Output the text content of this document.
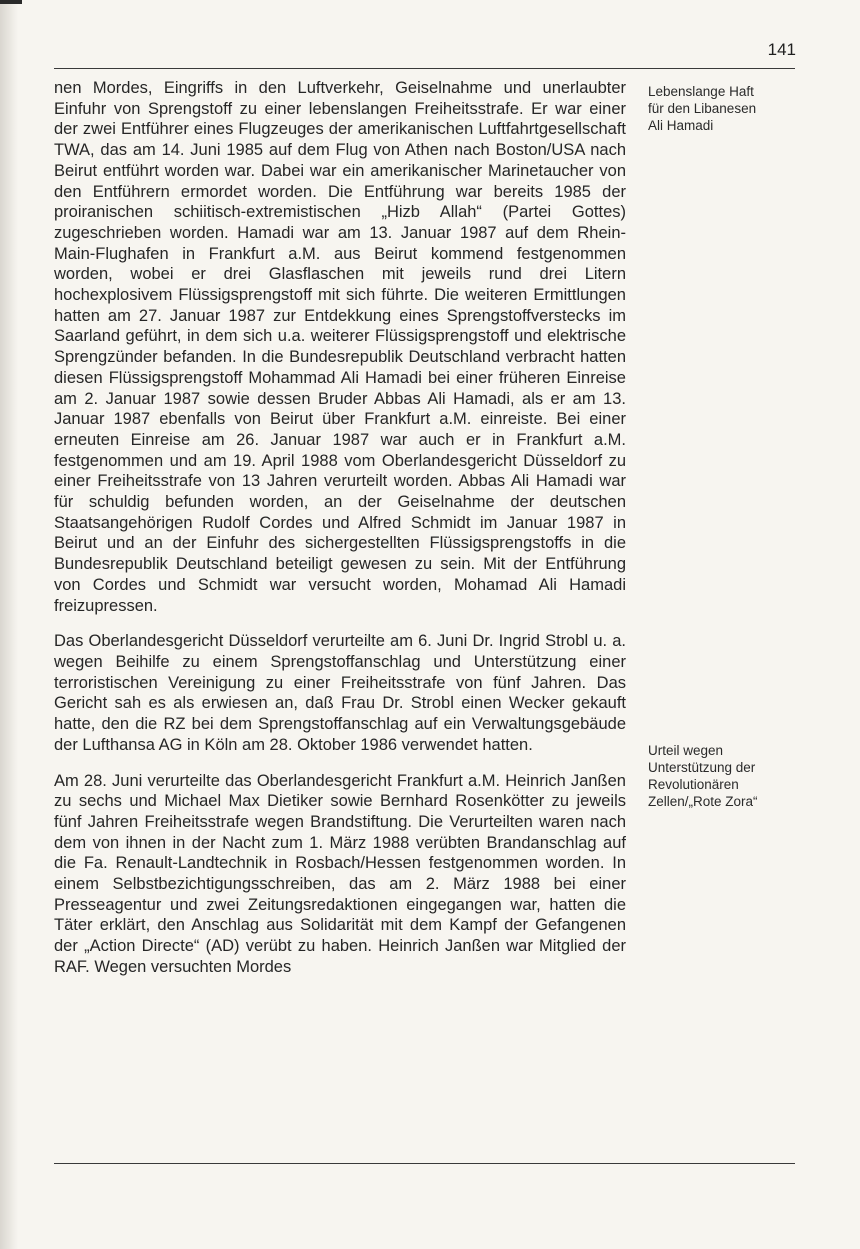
141

nen Mordes, Eingriffs in den Luftverkehr, Geiselnahme und unerlaubter Einfuhr von Sprengstoff zu einer lebenslangen Freiheitsstrafe. Er war einer der zwei Entführer eines Flugzeuges der amerikanischen Luftfahrtgesellschaft TWA, das am 14. Juni 1985 auf dem Flug von Athen nach Boston/USA nach Beirut entführt worden war. Dabei war ein amerikanischer Marinetaucher von den Entführern ermordet worden. Die Entführung war bereits 1985 der proiranischen schiitisch-extremistischen „Hizb Allah“ (Partei Gottes) zugeschrieben worden. Hamadi war am 13. Januar 1987 auf dem Rhein-Main-Flughafen in Frankfurt a.M. aus Beirut kommend festgenommen worden, wobei er drei Glasflaschen mit jeweils rund drei Litern hochexplosivem Flüssigsprengstoff mit sich führte. Die weiteren Ermittlungen hatten am 27. Januar 1987 zur Entdekkung eines Sprengstoffverstecks im Saarland geführt, in dem sich u.a. weiterer Flüssigsprengstoff und elektrische Sprengzünder befanden. In die Bundesrepublik Deutschland verbracht hatten diesen Flüssigsprengstoff Mohammad Ali Hamadi bei einer früheren Einreise am 2. Januar 1987 sowie dessen Bruder Abbas Ali Hamadi, als er am 13. Januar 1987 ebenfalls von Beirut über Frankfurt a.M. einreiste. Bei einer erneuten Einreise am 26. Januar 1987 war auch er in Frankfurt a.M. festgenommen und am 19. April 1988 vom Oberlandesgericht Düsseldorf zu einer Freiheitsstrafe von 13 Jahren verurteilt worden. Abbas Ali Hamadi war für schuldig befunden worden, an der Geiselnahme der deutschen Staatsangehörigen Rudolf Cordes und Alfred Schmidt im Januar 1987 in Beirut und an der Einfuhr des sichergestellten Flüssigsprengstoffs in die Bundesrepublik Deutschland beteiligt gewesen zu sein. Mit der Entführung von Cordes und Schmidt war versucht worden, Mohamad Ali Hamadi freizupressen.

Das Oberlandesgericht Düsseldorf verurteilte am 6. Juni Dr. Ingrid Strobl u. a. wegen Beihilfe zu einem Sprengstoffanschlag und Unterstützung einer terroristischen Vereinigung zu einer Freiheitsstrafe von fünf Jahren. Das Gericht sah es als erwiesen an, daß Frau Dr. Strobl einen Wecker gekauft hatte, den die RZ bei dem Sprengstoffanschlag auf ein Verwaltungsgebäude der Lufthansa AG in Köln am 28. Oktober 1986 verwendet hatten.

Am 28. Juni verurteilte das Oberlandesgericht Frankfurt a.M. Heinrich Janßen zu sechs und Michael Max Dietiker sowie Bernhard Rosenkötter zu jeweils fünf Jahren Freiheitsstrafe wegen Brandstiftung. Die Verurteilten waren nach dem von ihnen in der Nacht zum 1. März 1988 verübten Brandanschlag auf die Fa. Renault-Landtechnik in Rosbach/Hessen festgenommen worden. In einem Selbstbezichtigungsschreiben, das am 2. März 1988 bei einer Presseagentur und zwei Zeitungsredaktionen eingegangen war, hatten die Täter erklärt, den Anschlag aus Solidarität mit dem Kampf der Gefangenen der „Action Directe“ (AD) verübt zu haben. Heinrich Janßen war Mitglied der RAF. Wegen versuchten Mordes

Lebenslange Haft
für den Libanesen
Ali Hamadi
Urteil wegen
Unterstützung der
Revolutionären
Zellen/„Rote Zora“
